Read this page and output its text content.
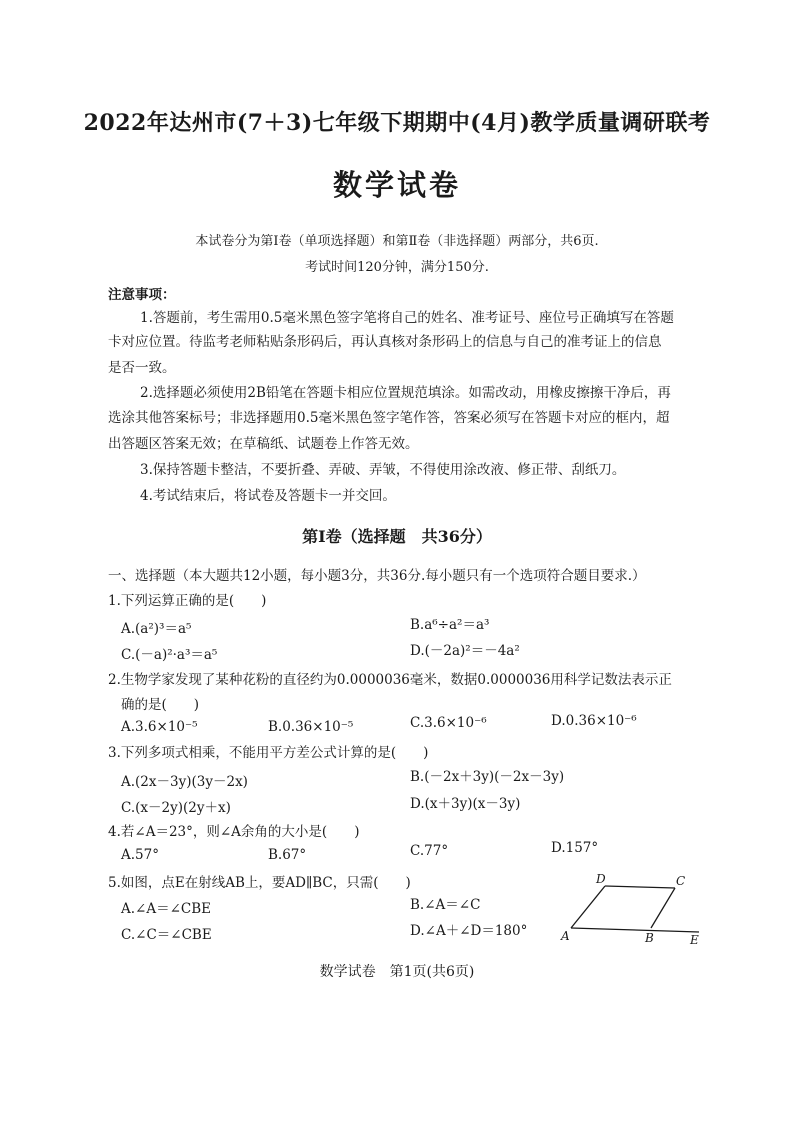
2022年达州市(7＋3)七年级下期期中(4月)教学质量调研联考
数学试卷
本试卷分为第Ⅰ卷（单项选择题）和第Ⅱ卷（非选择题）两部分，共6页.
考试时间120分钟，满分150分.
注意事项：
1.答题前，考生需用0.5毫米黑色签字笔将自己的姓名、准考证号、座位号正确填写在答题
卡对应位置。待监考老师粘贴条形码后，再认真核对条形码上的信息与自己的准考证上的信息
是否一致。
2.选择题必须使用2B铅笔在答题卡相应位置规范填涂。如需改动，用橡皮擦擦干净后，再
选涂其他答案标号；非选择题用0.5毫米黑色签字笔作答，答案必须写在答题卡对应的框内，超
出答题区答案无效；在草稿纸、试题卷上作答无效。
3.保持答题卡整洁，不要折叠、弄破、弄皱，不得使用涂改液、修正带、刮纸刀。
4.考试结束后，将试卷及答题卡一并交回。
第Ⅰ卷（选择题　共36分）
一、选择题（本大题共12小题，每小题3分，共36分.每小题只有一个选项符合题目要求.）
1.下列运算正确的是(　　)
A.(a²)³＝a⁵	B.a⁶÷a²＝a³
C.(－a)²·a³＝a⁵	D.(－2a)²＝－4a²
2.生物学家发现了某种花粉的直径约为0.0000036毫米，数据0.0000036用科学记数法表示正
确的是(　　)
A.3.6×10⁻⁵	B.0.36×10⁻⁵	C.3.6×10⁻⁶	D.0.36×10⁻⁶
3.下列多项式相乘，不能用平方差公式计算的是(　　)
A.(2x－3y)(3y－2x)	B.(－2x＋3y)(－2x－3y)
C.(x－2y)(2y＋x)	D.(x＋3y)(x－3y)
4.若∠A＝23°，则∠A余角的大小是(　　)
A.57°	B.67°	C.77°	D.157°
5.如图，点E在射线AB上，要AD∥BC，只需(　　)
A.∠A＝∠CBE	B.∠A＝∠C
C.∠C＝∠CBE	D.∠A＋∠D＝180°	A	B
C
D
E
数学试卷　第1页(共6页)
